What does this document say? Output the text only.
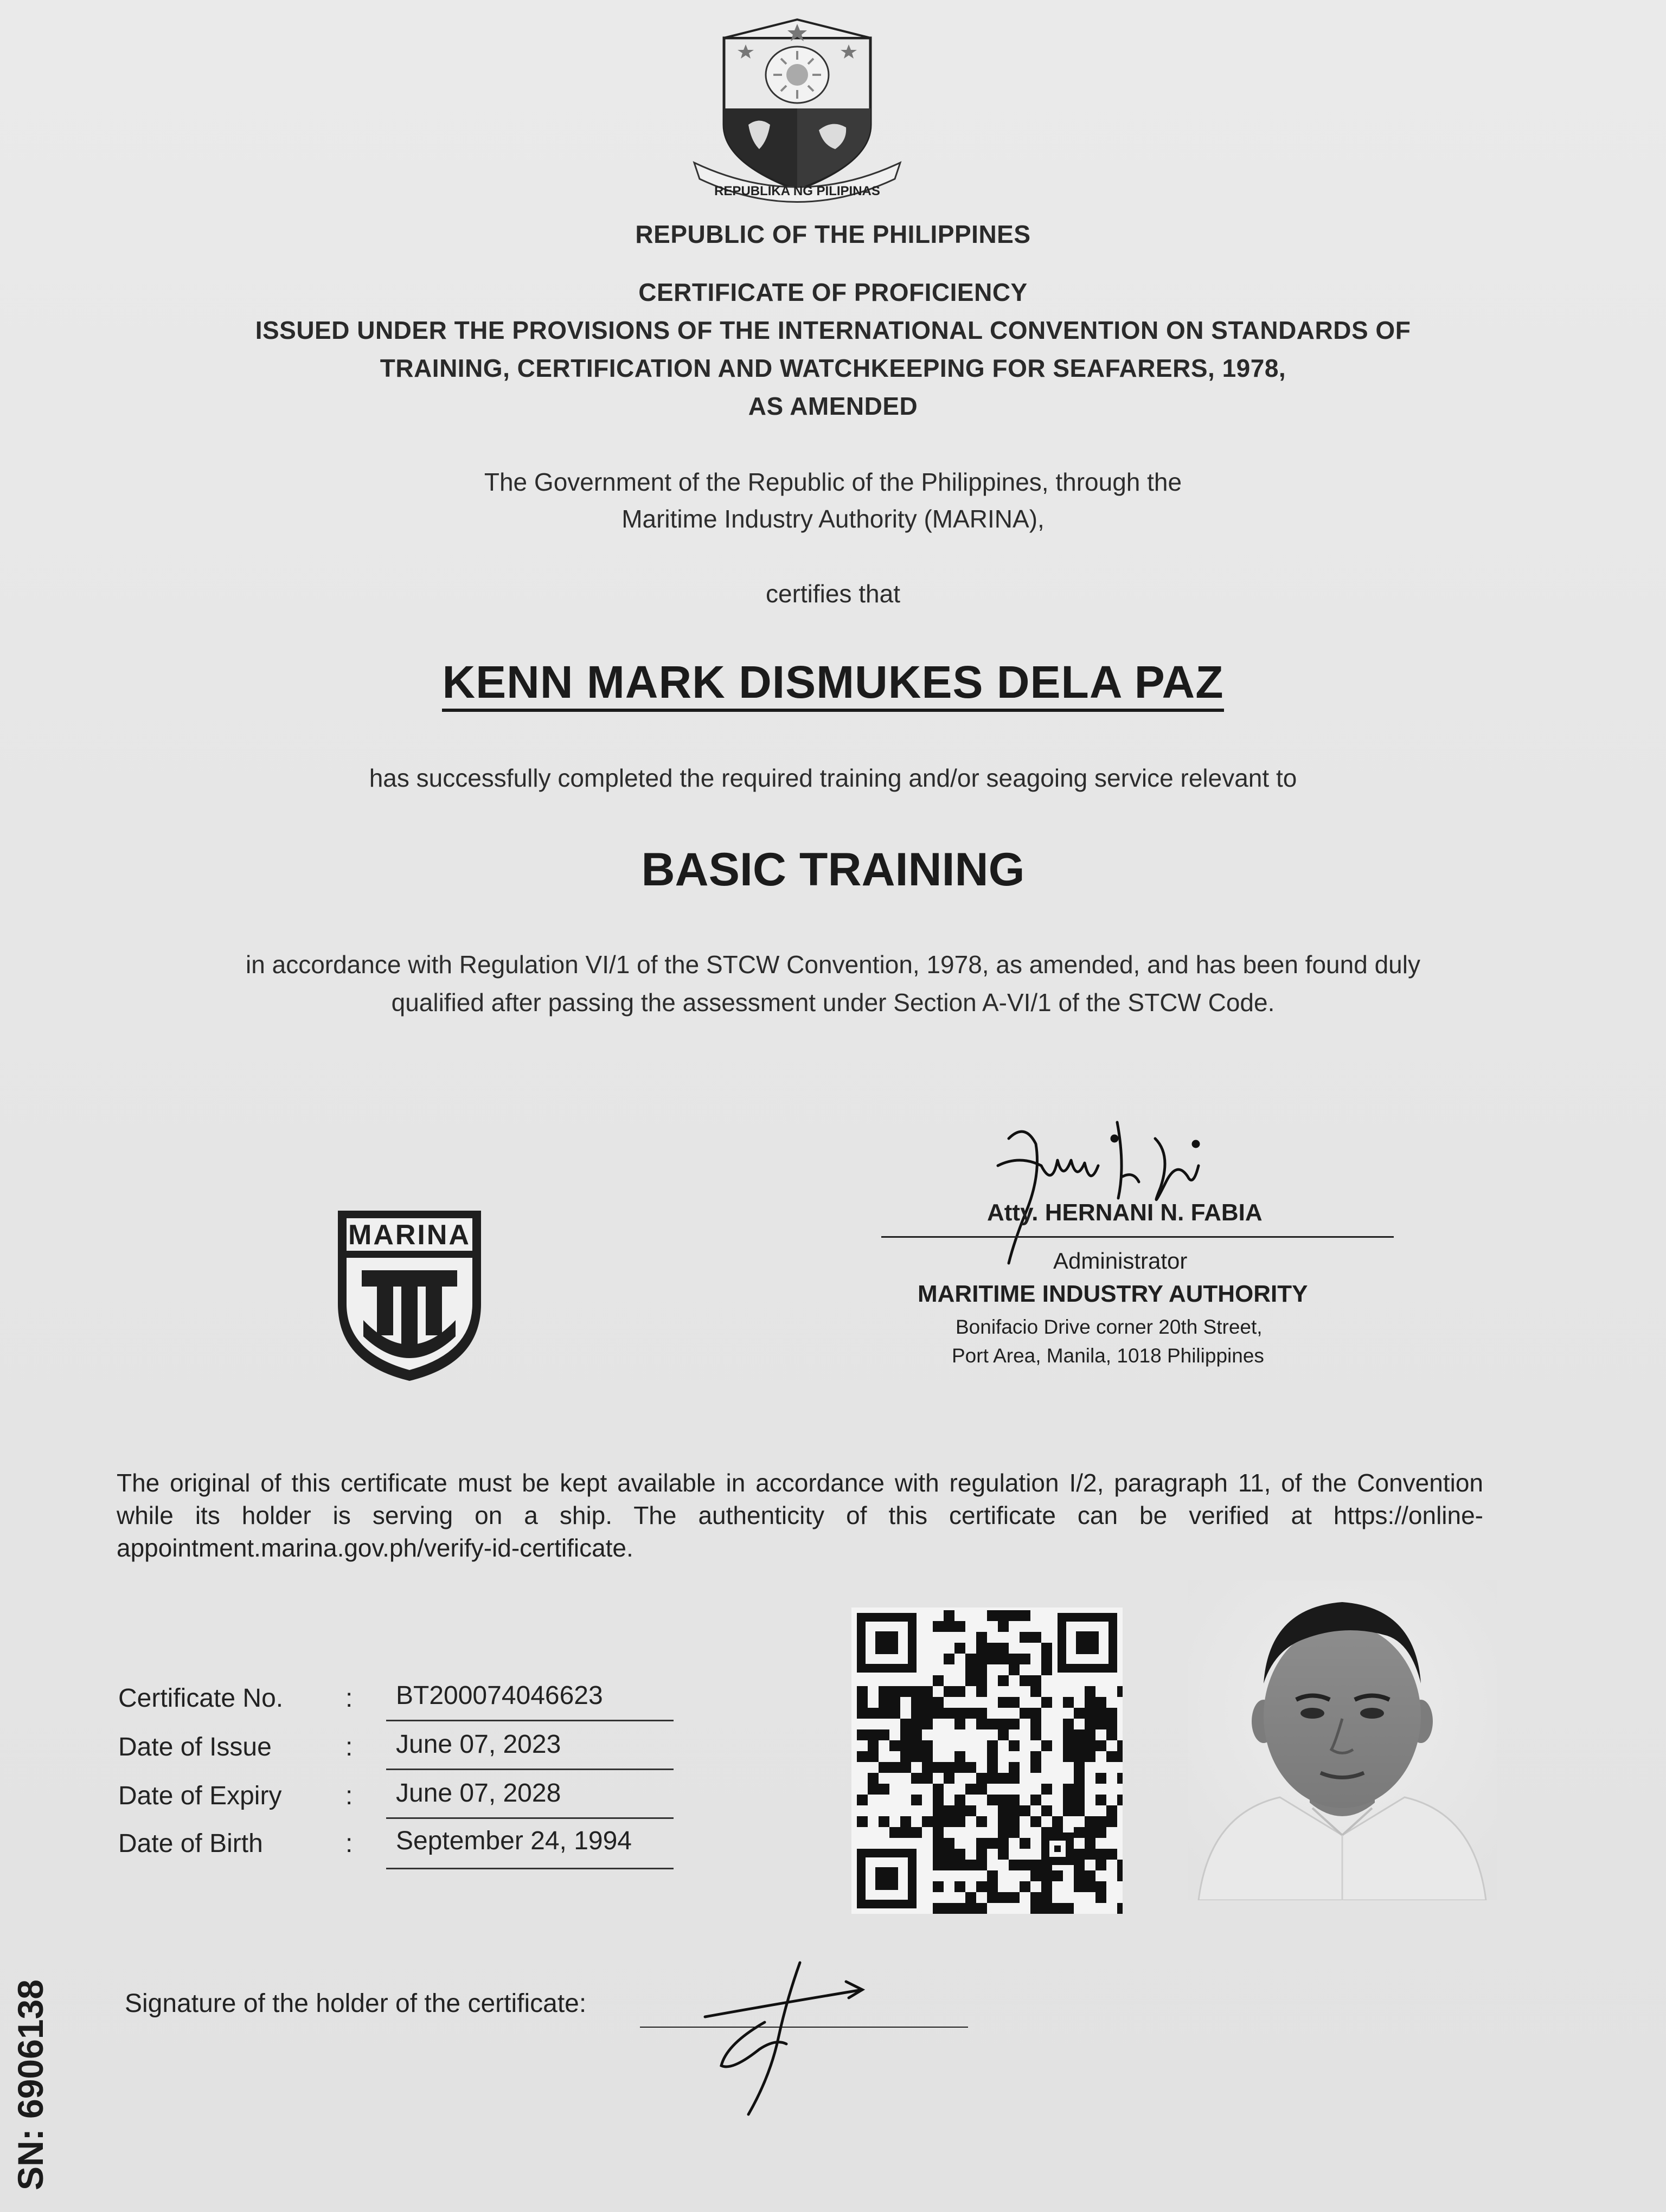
REPUBLIKA NG PILIPINAS
REPUBLIC OF THE PHILIPPINES
CERTIFICATE OF PROFICIENCY
ISSUED UNDER THE PROVISIONS OF THE INTERNATIONAL CONVENTION ON STANDARDS OF
TRAINING, CERTIFICATION AND WATCHKEEPING FOR SEAFARERS, 1978,
AS AMENDED
The Government of the Republic of the Philippines, through the
Maritime Industry Authority (MARINA),
certifies that
KENN MARK DISMUKES DELA PAZ
has successfully completed the required training and/or seagoing service relevant to
BASIC TRAINING
in accordance with Regulation VI/1 of the STCW Convention, 1978, as amended, and has been found duly
qualified after passing the assessment under Section A-VI/1 of the STCW Code.
MARINA
Atty. HERNANI N. FABIA
Administrator
MARITIME INDUSTRY AUTHORITY
Bonifacio Drive corner 20th Street,
Port Area, Manila, 1018 Philippines
The original of this certificate must be kept available in accordance with regulation I/2, paragraph 11, of the Convention while its holder is serving on a ship. The authenticity of this certificate can be verified at https://online-appointment.marina.gov.ph/verify-id-certificate.
Certificate No. : BT200074046623
Date of Issue	: June 07, 2023
Date of Expiry : June 07, 2028
Date of Birth	: September 24, 1994
Signature of the holder of the certificate:
SN: 6906138
